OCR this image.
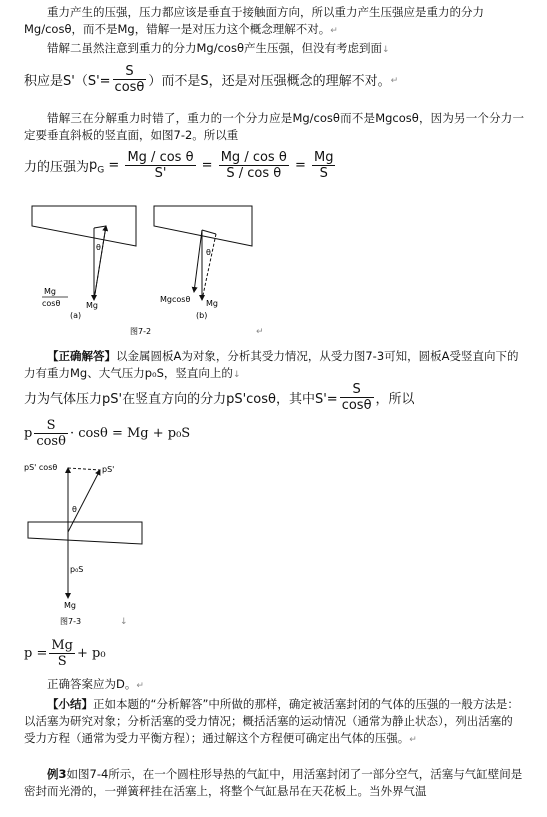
重力产生的压强，压力都应该是垂直于接触面方向，所以重力产生压强应是重力的分力Mg/cosθ，而不是Mg，错解一是对压力这个概念理解不对。↵

错解二虽然注意到重力的分力Mg/cosθ产生压强，但没有考虑到面↓

积应是$S'(S'= \frac{S}{\cos\theta}$ ）而不是S，还是对压强概念的理解不对。↵

错解三在分解重力时错了，重力的一个分力应是Mg/cosθ而不是Mgcosθ，因为另一个分力一定要垂直斜板的竖直面，如图7-2。所以重

力的压强为$p_G = \frac{\text{Mg / cos θ}}{S'} = \frac{\text{Mg / cos θ}}{\text{S / cos θ}} = \frac{Mg}{S}$
θ
Mg
cosθ	Mg
(a)
θ
Mgcosθ Mg
(b)
图7-2	↵

【正确解答】以金属圆板A为对象，分析其受力情况，从受力图7-3可知，圆板A受竖直向下的力有重力Mg、大气压力p₀S，竖直向上的↓

力为气体压力pS'在竖直方向的分力pS'cosθ，其中$S'= \frac{S}{\cos\theta}$ ，所以
p $\frac{S}{\cos\theta} \cdot \cos\theta = Mg + p_0S$
pS' cosθ	pS'
θ
p₀S
Mg
图7-3	↓
$p = \frac{Mg}{S} + p_0$

正确答案应为D。↵

【小结】正如本题的“分析解答”中所做的那样，确定被活塞封闭的气体的压强的一般方法是：以活塞为研究对象；分析活塞的受力情况；概括活塞的运动情况（通常为静止状态），列出活塞的受力方程（通常为受力平衡方程）；通过解这个方程便可确定出气体的压强。↵

例3如图7-4所示，在一个圆柱形导热的气缸中，用活塞封闭了一部分空气，活塞与气缸壁间是密封而光滑的，一弹簧秤挂在活塞上，将整个气缸悬吊在天花板上。当外界气温
